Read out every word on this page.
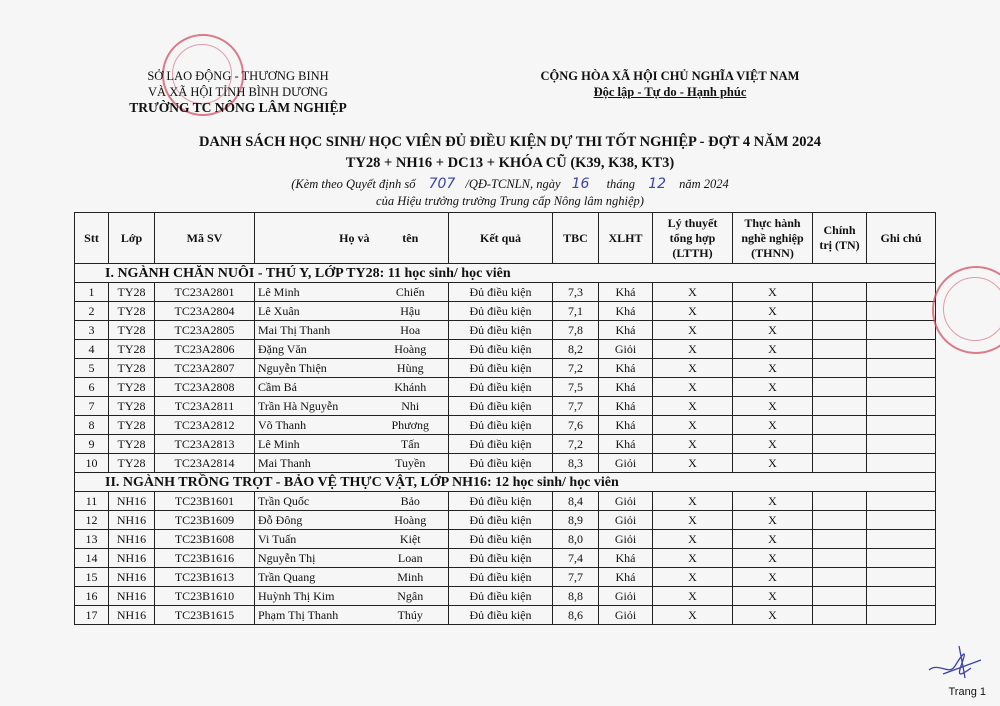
SỞ LAO ĐỘNG - THƯƠNG BINH
VÀ XÃ HỘI TỈNH BÌNH DƯƠNG
TRƯỜNG TC NÔNG LÂM NGHIỆP
CỘNG HÒA XÃ HỘI CHỦ NGHĨA VIỆT NAM
Độc lập - Tự do - Hạnh phúc
DANH SÁCH HỌC SINH/ HỌC VIÊN ĐỦ ĐIỀU KIỆN DỰ THI TỐT NGHIỆP - ĐỢT 4 NĂM 2024
TY28 + NH16 + DC13 + KHÓA CŨ (K39, K38, KT3)
(Kèm theo Quyết định số 707 /QĐ-TCNLN, ngày 16 tháng 12 năm 2024
của Hiệu trưởng trường Trung cấp Nông lâm nghiệp)
Stt	Lớp	Mã SV	Họ và	tên	Kết quả	TBC	XLHT	Lý thuyết tổng hợp (LTTH)	Thực hành nghề nghiệp (THNN)	Chính trị (TN)	Ghi chú
I. NGÀNH CHĂN NUÔI - THÚ Y, LỚP TY28: 11 học sinh/ học viên											
1	TY28	TC23A2801	Lê Minh	Chiến	Đủ điều kiện	7,3	Khá	X	X		
2	TY28	TC23A2804	Lê Xuân	Hậu	Đủ điều kiện	7,1	Khá	X	X		
3	TY28	TC23A2805	Mai Thị Thanh	Hoa	Đủ điều kiện	7,8	Khá	X	X		
4	TY28	TC23A2806	Đặng Văn	Hoàng	Đủ điều kiện	8,2	Giỏi	X	X		
5	TY28	TC23A2807	Nguyễn Thiện	Hùng	Đủ điều kiện	7,2	Khá	X	X		
6	TY28	TC23A2808	Cầm Bá	Khánh	Đủ điều kiện	7,5	Khá	X	X		
7	TY28	TC23A2811	Trần Hà Nguyễn	Nhi	Đủ điều kiện	7,7	Khá	X	X		
8	TY28	TC23A2812	Võ Thanh	Phương	Đủ điều kiện	7,6	Khá	X	X		
9	TY28	TC23A2813	Lê Minh	Tấn	Đủ điều kiện	7,2	Khá	X	X		
10	TY28	TC23A2814	Mai Thanh	Tuyền	Đủ điều kiện	8,3	Giỏi	X	X		
II. NGÀNH TRỒNG TRỌT - BẢO VỆ THỰC VẬT, LỚP NH16: 12 học sinh/ học viên											
11	NH16	TC23B1601	Trần Quốc	Bảo	Đủ điều kiện	8,4	Giỏi	X	X		
12	NH16	TC23B1609	Đỗ Đông	Hoàng	Đủ điều kiện	8,9	Giỏi	X	X		
13	NH16	TC23B1608	Vi Tuấn	Kiệt	Đủ điều kiện	8,0	Giỏi	X	X		
14	NH16	TC23B1616	Nguyễn Thị	Loan	Đủ điều kiện	7,4	Khá	X	X		
15	NH16	TC23B1613	Trần Quang	Minh	Đủ điều kiện	7,7	Khá	X	X		
16	NH16	TC23B1610	Huỳnh Thị Kim	Ngân	Đủ điều kiện	8,8	Giỏi	X	X		
17	NH16	TC23B1615	Phạm Thị Thanh	Thúy	Đủ điều kiện	8,6	Giỏi	X	X		
Trang 1
